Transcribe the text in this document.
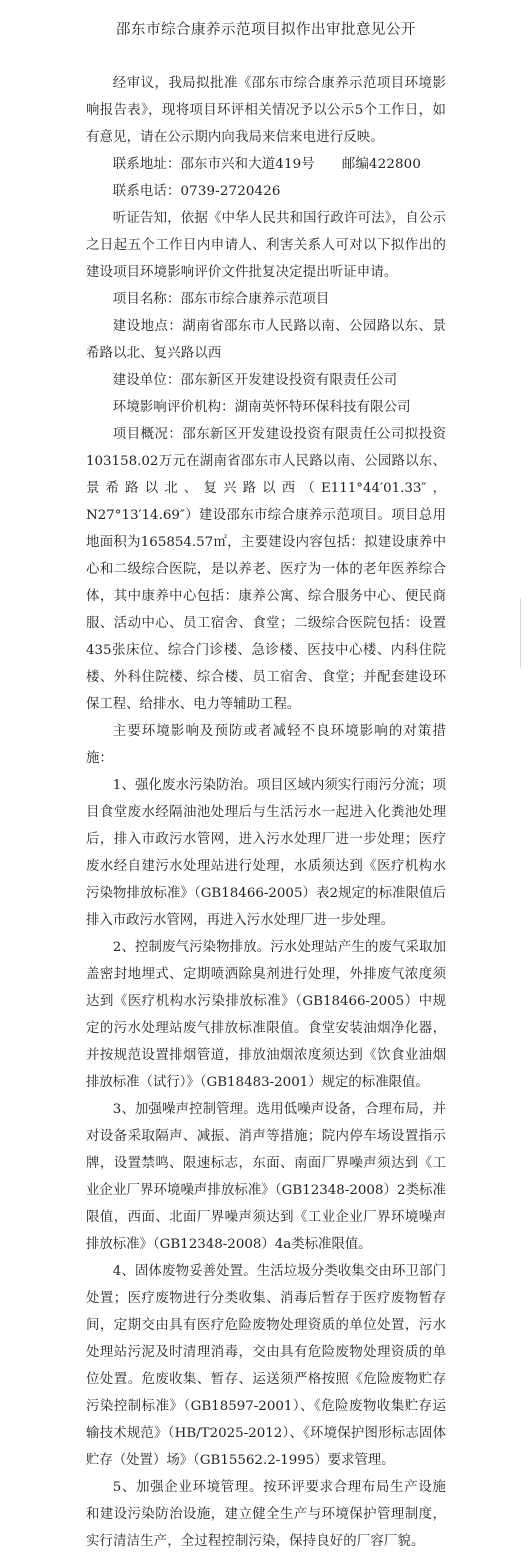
邵东市综合康养示范项目拟作出审批意见公开

经审议，我局拟批准《邵东市综合康养示范项目环境影响报告表》，现将项目环评相关情况予以公示5个工作日，如有意见，请在公示期内向我局来信来电进行反映。

联系地址：邵东市兴和大道419号　　邮编422800

联系电话：0739-2720426

听证告知，依据《中华人民共和国行政许可法》，自公示之日起五个工作日内申请人、利害关系人可对以下拟作出的建设项目环境影响评价文件批复决定提出听证申请。

项目名称：邵东市综合康养示范项目

建设地点：湖南省邵东市人民路以南、公园路以东、景希路以北、复兴路以西

建设单位：邵东新区开发建设投资有限责任公司

环境影响评价机构：湖南英怀特环保科技有限公司

项目概况：邵东新区开发建设投资有限责任公司拟投资103158.02万元在湖南省邵东市人民路以南、公园路以东、景希路以北、复兴路以西（E111°44′01.33″，N27°13′14.69″）建设邵东市综合康养示范项目。项目总用地面积为165854.57㎡，主要建设内容包括：拟建设康养中心和二级综合医院，是以养老、医疗为一体的老年医养综合体，其中康养中心包括：康养公寓、综合服务中心、便民商服、活动中心、员工宿舍、食堂；二级综合医院包括：设置435张床位、综合门诊楼、急诊楼、医技中心楼、内科住院楼、外科住院楼、综合楼、员工宿舍、食堂；并配套建设环保工程、给排水、电力等辅助工程。

主要环境影响及预防或者减轻不良环境影响的对策措施：

1、强化废水污染防治。项目区域内须实行雨污分流；项目食堂废水经隔油池处理后与生活污水一起进入化粪池处理后，排入市政污水管网，进入污水处理厂进一步处理；医疗废水经自建污水处理站进行处理，水质须达到《医疗机构水污染物排放标准》（GB18466-2005）表2规定的标准限值后排入市政污水管网，再进入污水处理厂进一步处理。

2、控制废气污染物排放。污水处理站产生的废气采取加盖密封地埋式、定期喷洒除臭剂进行处理，外排废气浓度须达到《医疗机构水污染排放标准》（GB18466-2005）中规定的污水处理站废气排放标准限值。食堂安装油烟净化器，并按规范设置排烟管道，排放油烟浓度须达到《饮食业油烟排放标准（试行）》（GB18483-2001）规定的标准限值。

3、加强噪声控制管理。选用低噪声设备，合理布局，并对设备采取隔声、减振、消声等措施；院内停车场设置指示牌，设置禁鸣、限速标志，东面、南面厂界噪声须达到《工业企业厂界环境噪声排放标准》（GB12348-2008）2类标准限值，西面、北面厂界噪声须达到《工业企业厂界环境噪声排放标准》（GB12348-2008）4a类标准限值。

4、固体废物妥善处置。生活垃圾分类收集交由环卫部门处置；医疗废物进行分类收集、消毒后暂存于医疗废物暂存间，定期交由具有医疗危险废物处理资质的单位处置，污水处理站污泥及时清理消毒，交由具有危险废物处理资质的单位处置。危废收集、暂存、运送须严格按照《危险废物贮存污染控制标准》（GB18597-2001）、《危险废物收集贮存运输技术规范》（HB/T2025-2012）、《环境保护图形标志固体贮存（处置）场》（GB15562.2-1995）要求管理。

5、加强企业环境管理。按环评要求合理布局生产设施和建设污染防治设施，建立健全生产与环境保护管理制度，实行清洁生产，全过程控制污染，保持良好的厂容厂貌。
